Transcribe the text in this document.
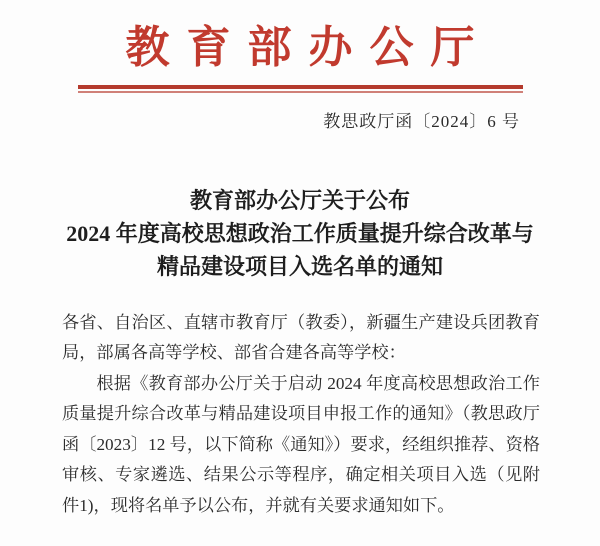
教育部办公厅
教思政厅函〔2024〕6 号
教育部办公厅关于公布
2024 年度高校思想政治工作质量提升综合改革与
精品建设项目入选名单的通知

各省、自治区、直辖市教育厅（教委），新疆生产建设兵团教育局，部属各高等学校、部省合建各高等学校：

根据《教育部办公厅关于启动 2024 年度高校思想政治工作质量提升综合改革与精品建设项目申报工作的通知》（教思政厅函〔2023〕12 号，以下简称《通知》）要求，经组织推荐、资格审核、专家遴选、结果公示等程序，确定相关项目入选（见附件1)，现将名单予以公布，并就有关要求通知如下。
